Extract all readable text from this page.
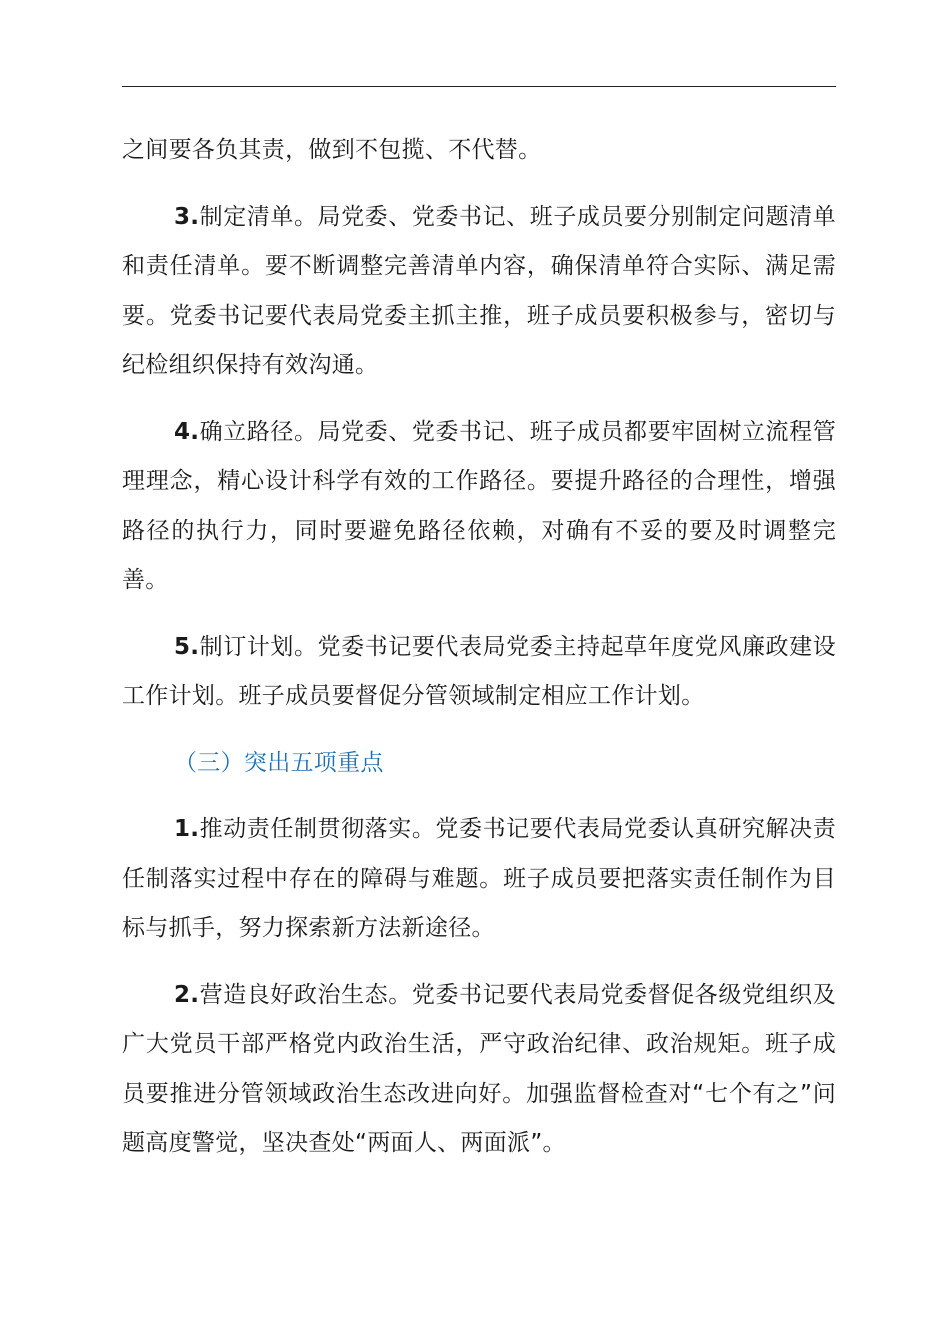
之间要各负其责，做到不包揽、不代替。

3.制定清单。局党委、党委书记、班子成员要分别制定问题清单和责任清单。要不断调整完善清单内容，确保清单符合实际、满足需要。党委书记要代表局党委主抓主推，班子成员要积极参与，密切与纪检组织保持有效沟通。

4.确立路径。局党委、党委书记、班子成员都要牢固树立流程管理理念，精心设计科学有效的工作路径。要提升路径的合理性，增强路径的执行力，同时要避免路径依赖，对确有不妥的要及时调整完善。

5.制订计划。党委书记要代表局党委主持起草年度党风廉政建设工作计划。班子成员要督促分管领域制定相应工作计划。

（三）突出五项重点

1.推动责任制贯彻落实。党委书记要代表局党委认真研究解决责任制落实过程中存在的障碍与难题。班子成员要把落实责任制作为目标与抓手，努力探索新方法新途径。

2.营造良好政治生态。党委书记要代表局党委督促各级党组织及广大党员干部严格党内政治生活，严守政治纪律、政治规矩。班子成员要推进分管领域政治生态改进向好。加强监督检查对“七个有之”问题高度警觉，坚决查处“两面人、两面派”。
